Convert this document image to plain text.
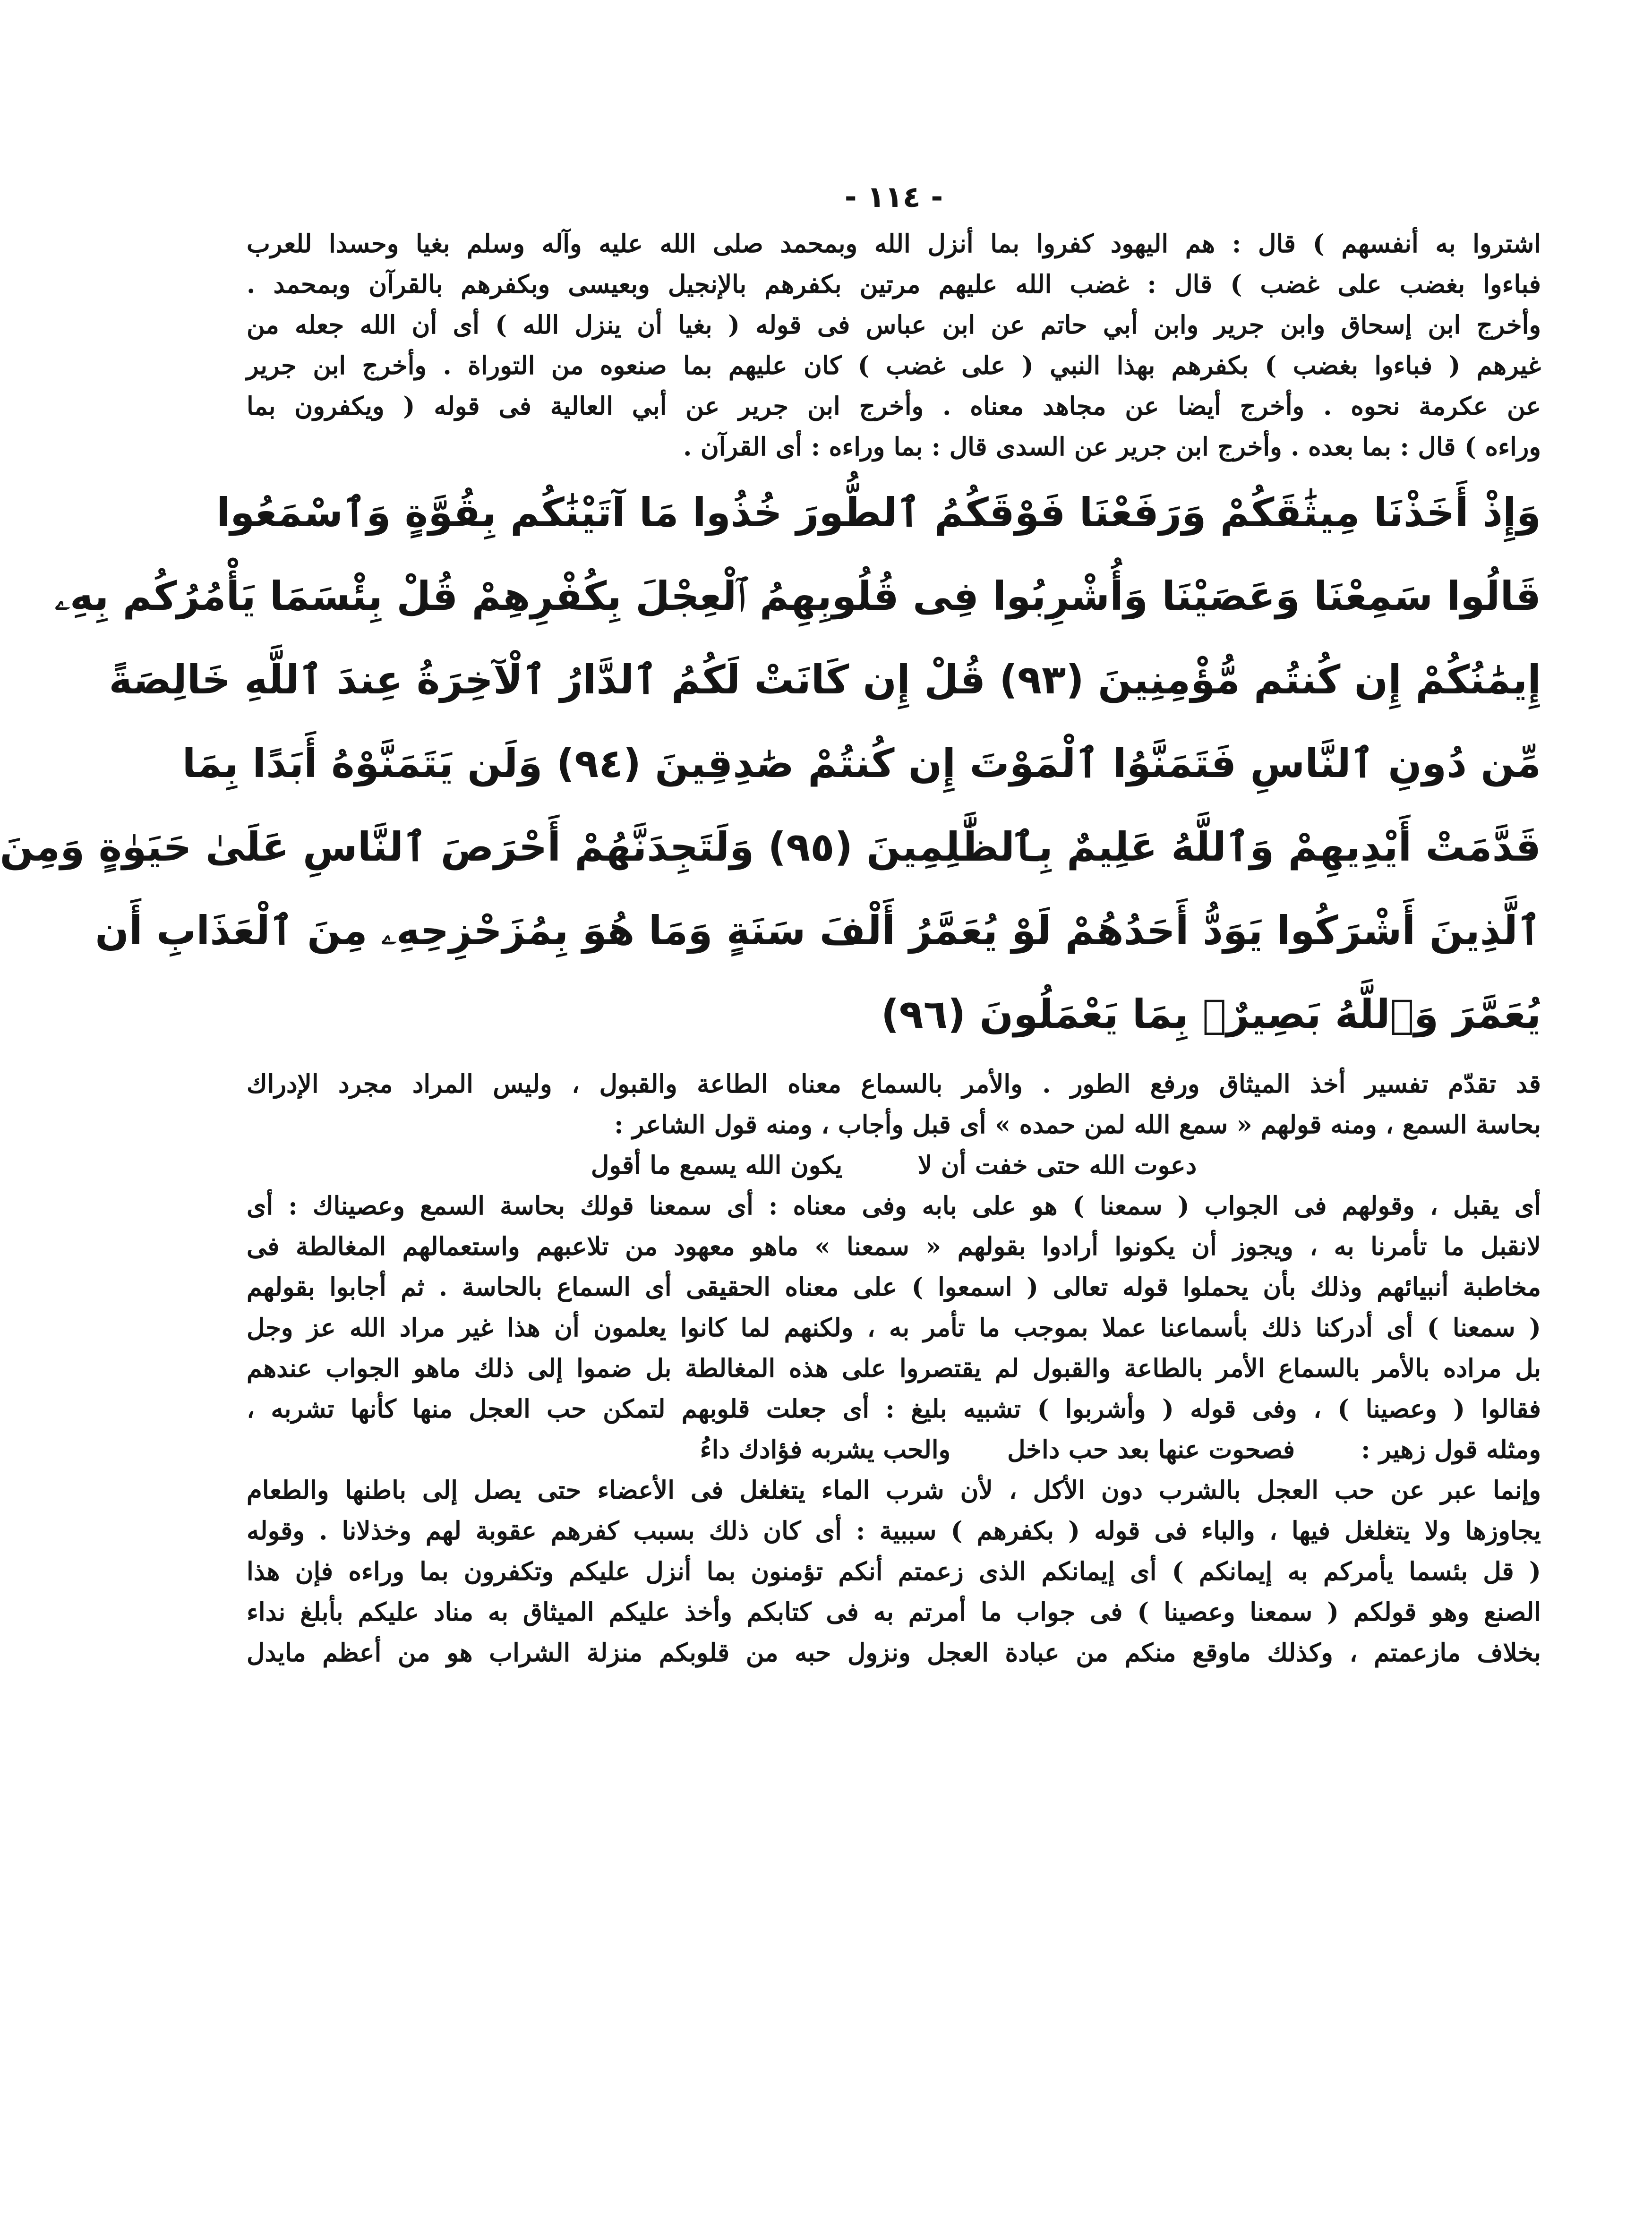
- ١١٤ -
اشتروا به أنفسهم ) قال : هم اليهود كفروا بما أنزل الله وبمحمد صلى الله عليه وآله وسلم بغيا وحسدا للعرب
فباءوا بغضب على غضب ) قال : غضب الله عليهم مرتين بكفرهم بالإنجيل وبعيسى وبكفرهم بالقرآن وبمحمد .
وأخرج ابن إسحاق وابن جرير وابن أبي حاتم عن ابن عباس فى قوله ( بغيا أن ينزل الله ) أى أن الله جعله من
غيرهم ( فباءوا بغضب ) بكفرهم بهذا النبي ( على غضب ) كان عليهم بما صنعوه من التوراة . وأخرج ابن جرير
عن عكرمة نحوه . وأخرج أيضا عن مجاهد معناه . وأخرج ابن جرير عن أبي العالية فى قوله ( ويكفرون بما
وراءه ) قال : بما بعده . وأخرج ابن جرير عن السدى قال : بما وراءه : أى القرآن .
وَإِذْ أَخَذْنَا مِيثَٰقَكُمْ وَرَفَعْنَا فَوْقَكُمُ ٱلطُّورَ خُذُوا مَا آتَيْنَٰكُم بِقُوَّةٍ وَٱسْمَعُوا
قَالُوا سَمِعْنَا وَعَصَيْنَا وَأُشْرِبُوا فِى قُلُوبِهِمُ ٱلْعِجْلَ بِكُفْرِهِمْ قُلْ بِئْسَمَا يَأْمُرُكُم بِهِۦ
إِيمَٰنُكُمْ إِن كُنتُم مُّؤْمِنِينَ (٩٣) قُلْ إِن كَانَتْ لَكُمُ ٱلدَّارُ ٱلْآخِرَةُ عِندَ ٱللَّهِ خَالِصَةً
مِّن دُونِ ٱلنَّاسِ فَتَمَنَّوُا ٱلْمَوْتَ إِن كُنتُمْ صَٰدِقِينَ (٩٤) وَلَن يَتَمَنَّوْهُ أَبَدًا بِمَا
قَدَّمَتْ أَيْدِيهِمْ وَٱللَّهُ عَلِيمٌ بِٱلظَّٰلِمِينَ (٩٥) وَلَتَجِدَنَّهُمْ أَحْرَصَ ٱلنَّاسِ عَلَىٰ حَيَوٰةٍ وَمِنَ
ٱلَّذِينَ أَشْرَكُوا يَوَدُّ أَحَدُهُمْ لَوْ يُعَمَّرُ أَلْفَ سَنَةٍ وَمَا هُوَ بِمُزَحْزِحِهِۦ مِنَ ٱلْعَذَابِ أَن
يُعَمَّرَ وَٱللَّهُ بَصِيرٌۢ بِمَا يَعْمَلُونَ (٩٦)
قد تقدّم تفسير أخذ الميثاق ورفع الطور . والأمر بالسماع معناه الطاعة والقبول ، وليس المراد مجرد الإدراك
بحاسة السمع ، ومنه قولهم « سمع الله لمن حمده » أى قبل وأجاب ، ومنه قول الشاعر :
دعوت الله حتى خفت أن لا
يكون الله يسمع ما أقول
أى يقبل ، وقولهم فى الجواب ( سمعنا ) هو على بابه وفى معناه : أى سمعنا قولك بحاسة السمع وعصيناك : أى
لانقبل ما تأمرنا به ، ويجوز أن يكونوا أرادوا بقولهم « سمعنا » ماهو معهود من تلاعبهم واستعمالهم المغالطة فى
مخاطبة أنبيائهم وذلك بأن يحملوا قوله تعالى ( اسمعوا ) على معناه الحقيقى أى السماع بالحاسة . ثم أجابوا بقولهم
( سمعنا ) أى أدركنا ذلك بأسماعنا عملا بموجب ما تأمر به ، ولكنهم لما كانوا يعلمون أن هذا غير مراد الله عز وجل
بل مراده بالأمر بالسماع الأمر بالطاعة والقبول لم يقتصروا على هذه المغالطة بل ضموا إلى ذلك ماهو الجواب عندهم
فقالوا ( وعصينا ) ، وفى قوله ( وأشربوا ) تشبيه بليغ : أى جعلت قلوبهم لتمكن حب العجل منها كأنها تشربه ،
ومثله قول زهير :
فصحوت عنها بعد حب داخل
والحب يشربه فؤادك داءُ
وإنما عبر عن حب العجل بالشرب دون الأكل ، لأن شرب الماء يتغلغل فى الأعضاء حتى يصل إلى باطنها والطعام
يجاوزها ولا يتغلغل فيها ، والباء فى قوله ( بكفرهم ) سببية : أى كان ذلك بسبب كفرهم عقوبة لهم وخذلانا . وقوله
( قل بئسما يأمركم به إيمانكم ) أى إيمانكم الذى زعمتم أنكم تؤمنون بما أنزل عليكم وتكفرون بما وراءه فإن هذا
الصنع وهو قولكم ( سمعنا وعصينا ) فى جواب ما أمرتم به فى كتابكم وأخذ عليكم الميثاق به مناد عليكم بأبلغ نداء
بخلاف مازعمتم ، وكذلك ماوقع منكم من عبادة العجل ونزول حبه من قلوبكم منزلة الشراب هو من أعظم مايدل
